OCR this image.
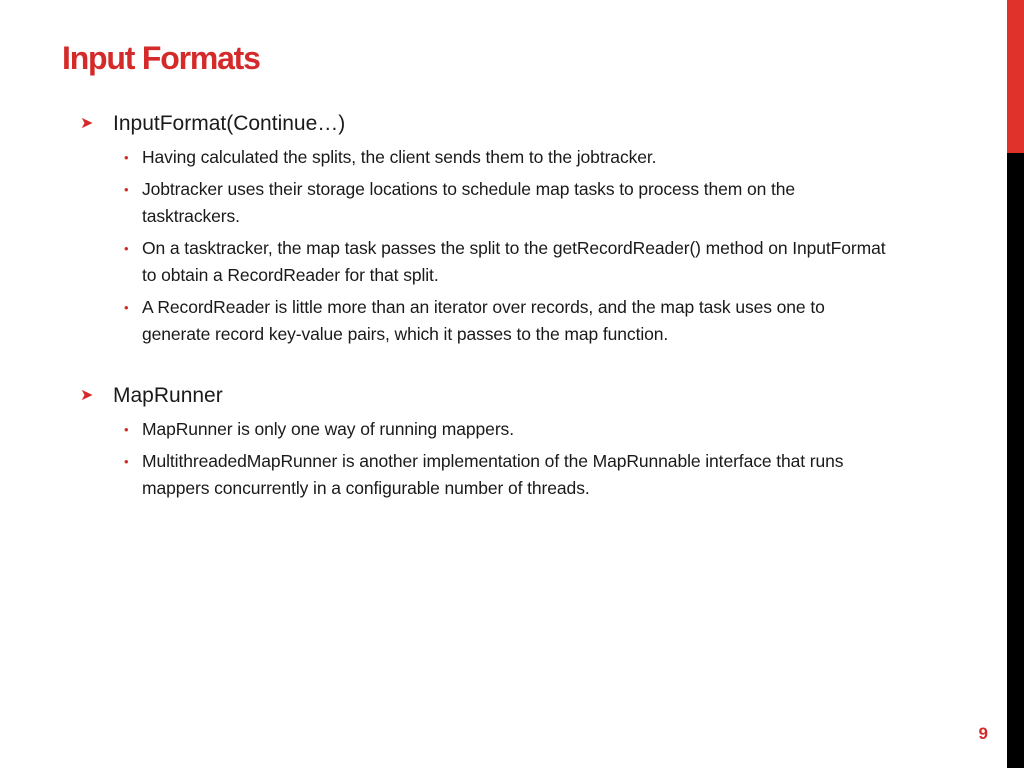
Input Formats
➤ InputFormat(Continue…)
• Having calculated the splits, the client sends them to the jobtracker.
• Jobtracker uses their storage locations to schedule map tasks to process them on the tasktrackers.
• On a tasktracker, the map task passes the split to the getRecordReader() method on InputFormat to obtain a RecordReader for that split.
• A RecordReader is little more than an iterator over records, and the map task uses one to generate record key-value pairs, which it passes to the map function.
➤ MapRunner
• MapRunner is only one way of running mappers.
• MultithreadedMapRunner is another implementation of the MapRunnable interface that runs mappers concurrently in a configurable number of threads.
9
